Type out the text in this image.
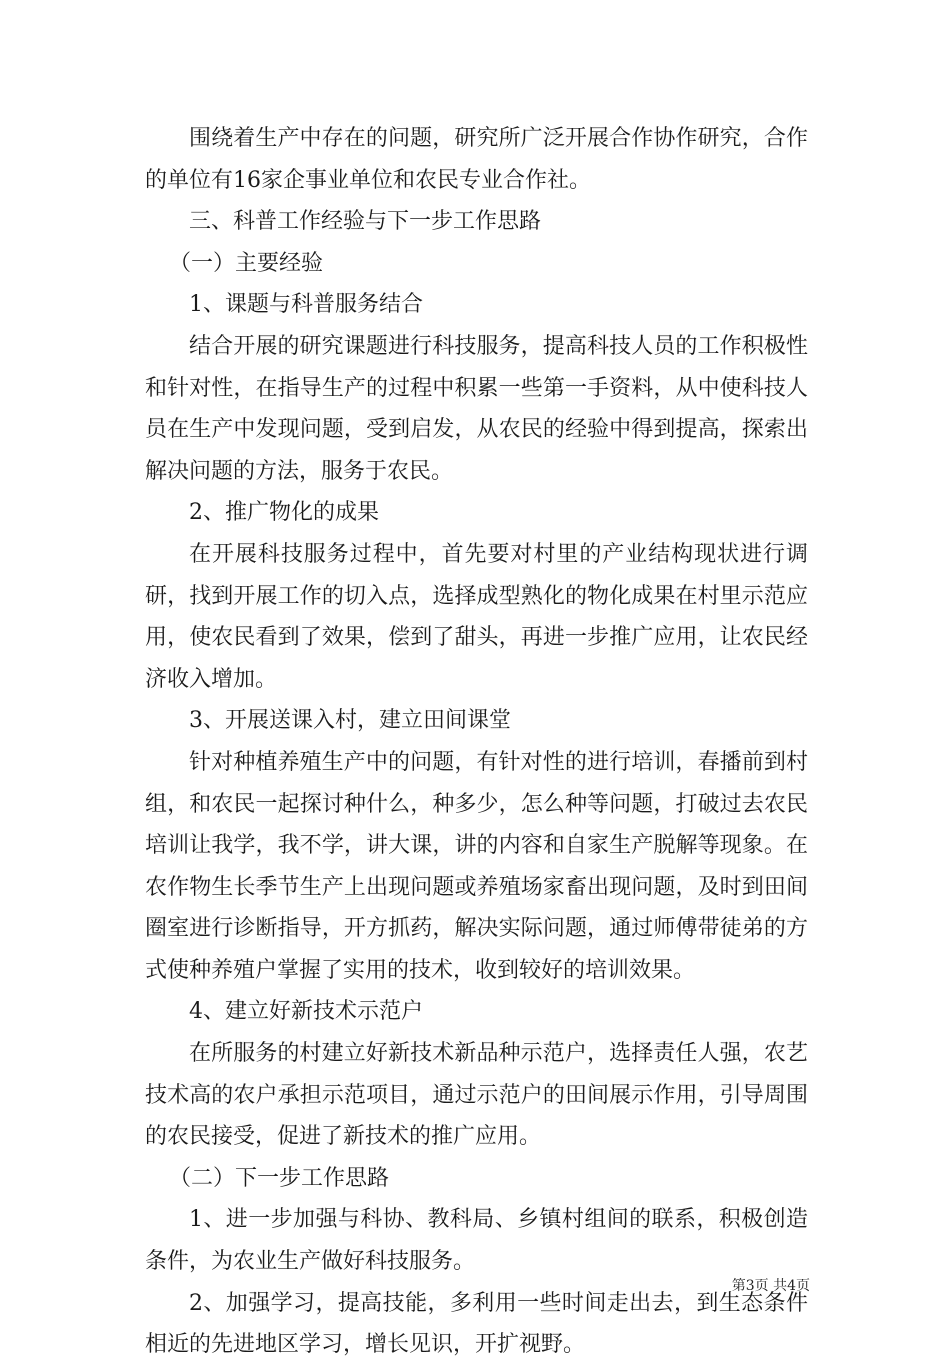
围绕着生产中存在的问题，研究所广泛开展合作协作研究，合作的单位有16家企事业单位和农民专业合作社。

三、科普工作经验与下一步工作思路

（一）主要经验

1、课题与科普服务结合

结合开展的研究课题进行科技服务，提高科技人员的工作积极性和针对性，在指导生产的过程中积累一些第一手资料，从中使科技人员在生产中发现问题，受到启发，从农民的经验中得到提高，探索出解决问题的方法，服务于农民。

2、推广物化的成果

在开展科技服务过程中，首先要对村里的产业结构现状进行调研，找到开展工作的切入点，选择成型熟化的物化成果在村里示范应用，使农民看到了效果，偿到了甜头，再进一步推广应用，让农民经济收入增加。

3、开展送课入村，建立田间课堂

针对种植养殖生产中的问题，有针对性的进行培训，春播前到村组，和农民一起探讨种什么，种多少，怎么种等问题，打破过去农民培训让我学，我不学，讲大课，讲的内容和自家生产脱解等现象。在农作物生长季节生产上出现问题或养殖场家畜出现问题，及时到田间圈室进行诊断指导，开方抓药，解决实际问题，通过师傅带徒弟的方式使种养殖户掌握了实用的技术，收到较好的培训效果。

4、建立好新技术示范户

在所服务的村建立好新技术新品种示范户，选择责任人强，农艺技术高的农户承担示范项目，通过示范户的田间展示作用，引导周围的农民接受，促进了新技术的推广应用。

（二）下一步工作思路

1、进一步加强与科协、教科局、乡镇村组间的联系，积极创造条件，为农业生产做好科技服务。

2、加强学习，提高技能，多利用一些时间走出去，到生态条件相近的先进地区学习，增长见识，开扩视野。

第3页 共4页
